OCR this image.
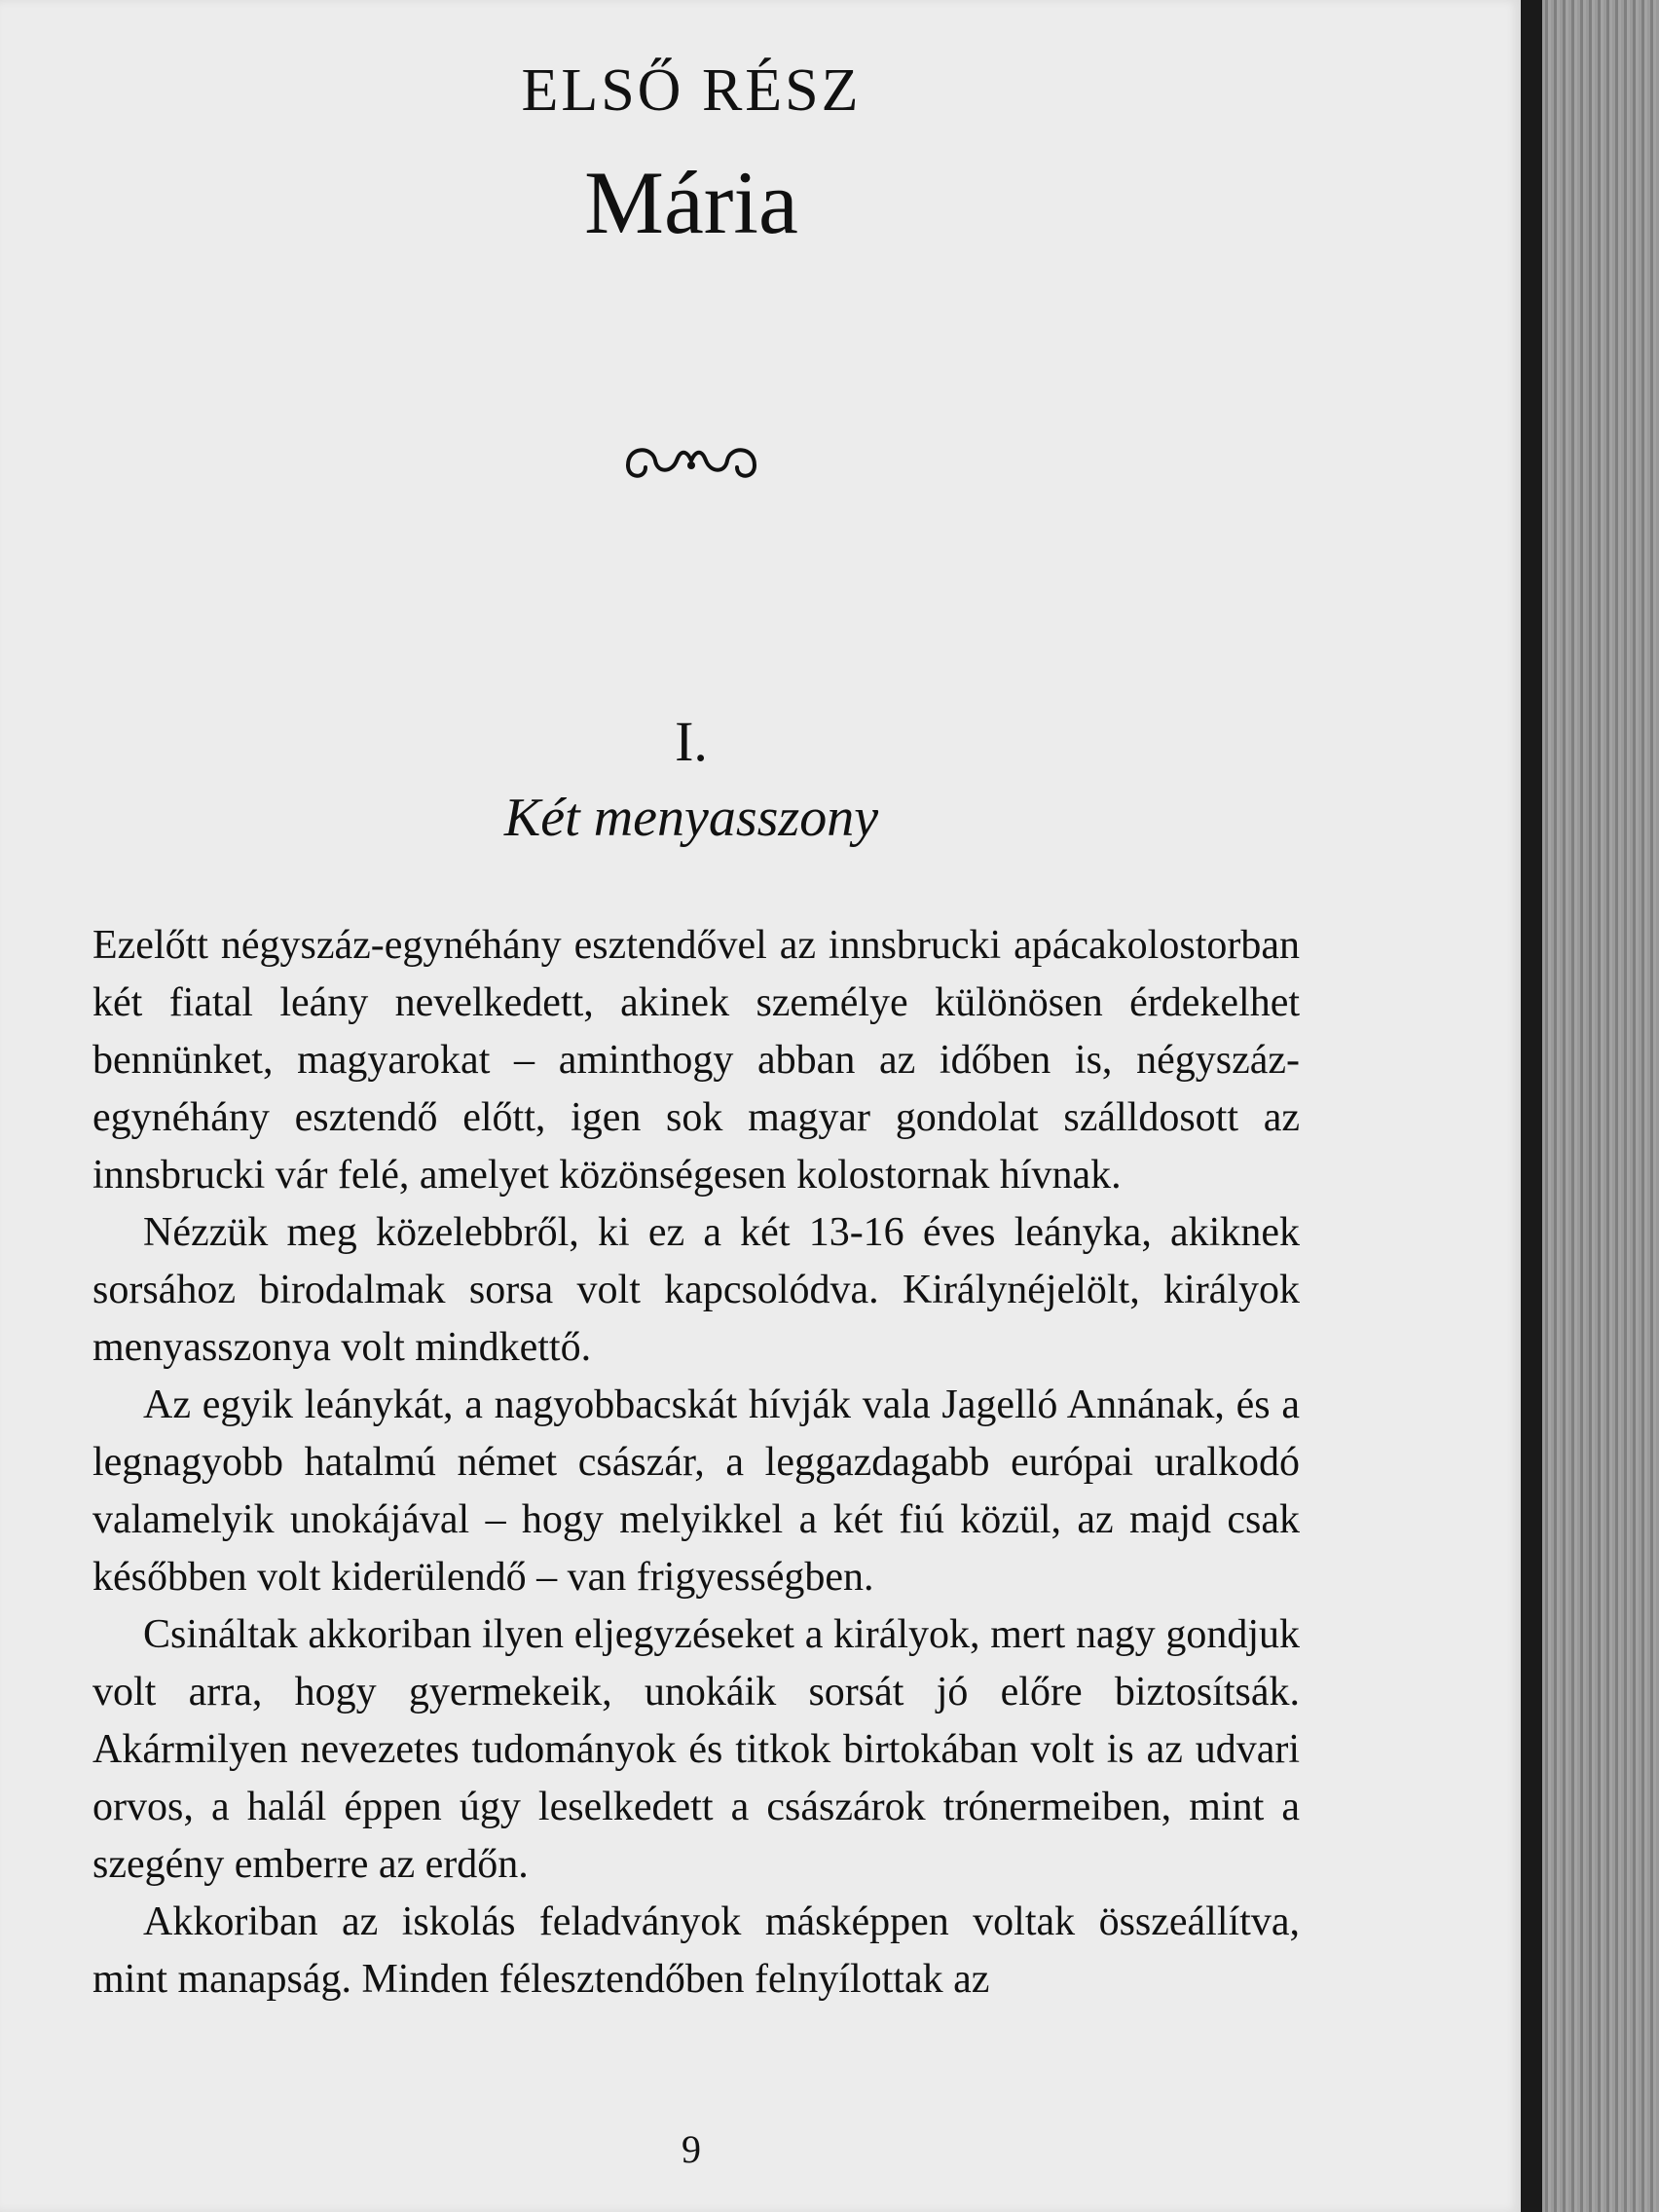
ELSŐ RÉSZ
Mária
I.
Két menyasszony

Ezelőtt négyszáz-egynéhány esztendővel az innsbrucki apácakolostorban két fiatal leány nevelkedett, akinek személye különösen érdekelhet bennünket, magyarokat – aminthogy abban az időben is, négyszáz-egynéhány esztendő előtt, igen sok magyar gondolat szálldosott az innsbrucki vár felé, amelyet közönségesen kolostornak hívnak.

Nézzük meg közelebbről, ki ez a két 13-16 éves leányka, akiknek sorsához birodalmak sorsa volt kapcsolódva. Királynéjelölt, királyok menyasszonya volt mindkettő.

Az egyik leánykát, a nagyobbacskát hívják vala Jagelló Annának, és a legnagyobb hatalmú német császár, a leggazdagabb európai uralkodó valamelyik unokájával – hogy melyikkel a két fiú közül, az majd csak későbben volt kiderülendő – van frigyességben.

Csináltak akkoriban ilyen eljegyzéseket a királyok, mert nagy gondjuk volt arra, hogy gyermekeik, unokáik sorsát jó előre biztosítsák. Akármilyen nevezetes tudományok és titkok birtokában volt is az udvari orvos, a halál éppen úgy leselkedett a császárok trónermeiben, mint a szegény emberre az erdőn.

Akkoriban az iskolás feladványok másképpen voltak összeállítva, mint manapság. Minden félesztendőben felnyílottak az

9
